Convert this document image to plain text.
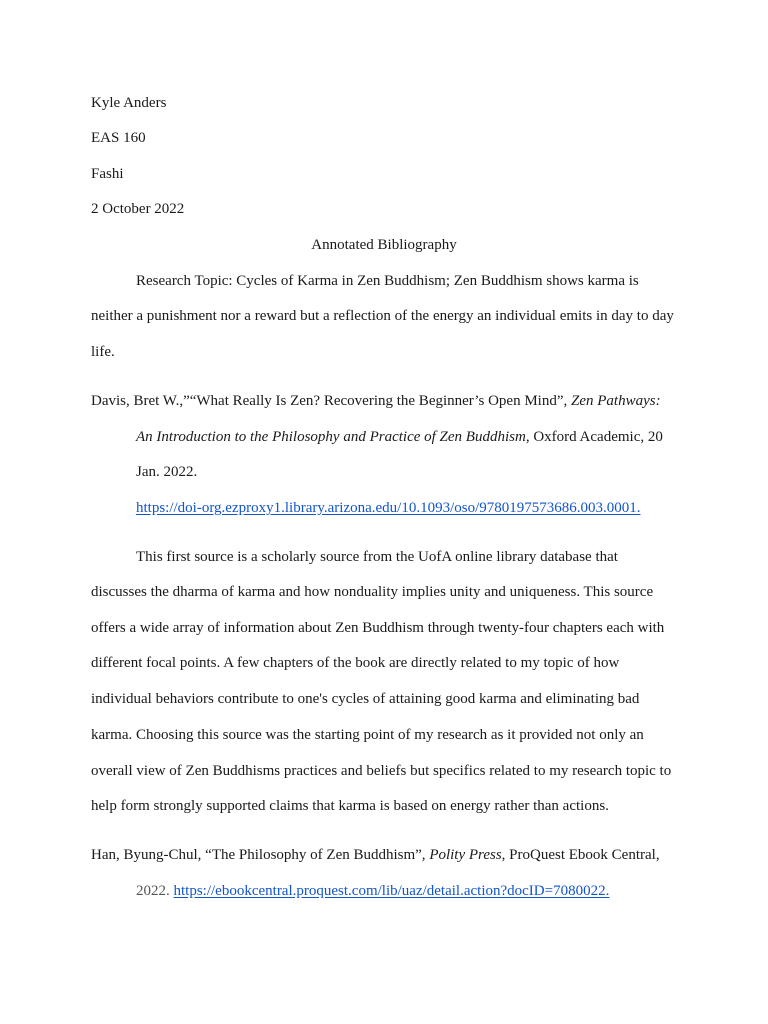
Kyle Anders
EAS 160
Fashi
2 October 2022
Annotated Bibliography
Research Topic: Cycles of Karma in Zen Buddhism; Zen Buddhism shows karma is
neither a punishment nor a reward but a reflection of the energy an individual emits in day to day
life.
Davis, Bret W.,”“What Really Is Zen? Recovering the Beginner’s Open Mind”, Zen Pathways:
An Introduction to the Philosophy and Practice of Zen Buddhism, Oxford Academic, 20
Jan. 2022.
https://doi-org.ezproxy1.library.arizona.edu/10.1093/oso/9780197573686.003.0001.
This first source is a scholarly source from the UofA online library database that
discusses the dharma of karma and how nonduality implies unity and uniqueness. This source
offers a wide array of information about Zen Buddhism through twenty-four chapters each with
different focal points. A few chapters of the book are directly related to my topic of how
individual behaviors contribute to one's cycles of attaining good karma and eliminating bad
karma. Choosing this source was the starting point of my research as it provided not only an
overall view of Zen Buddhisms practices and beliefs but specifics related to my research topic to
help form strongly supported claims that karma is based on energy rather than actions.
Han, Byung-Chul, “The Philosophy of Zen Buddhism”, Polity Press, ProQuest Ebook Central,
2022. https://ebookcentral.proquest.com/lib/uaz/detail.action?docID=7080022.
